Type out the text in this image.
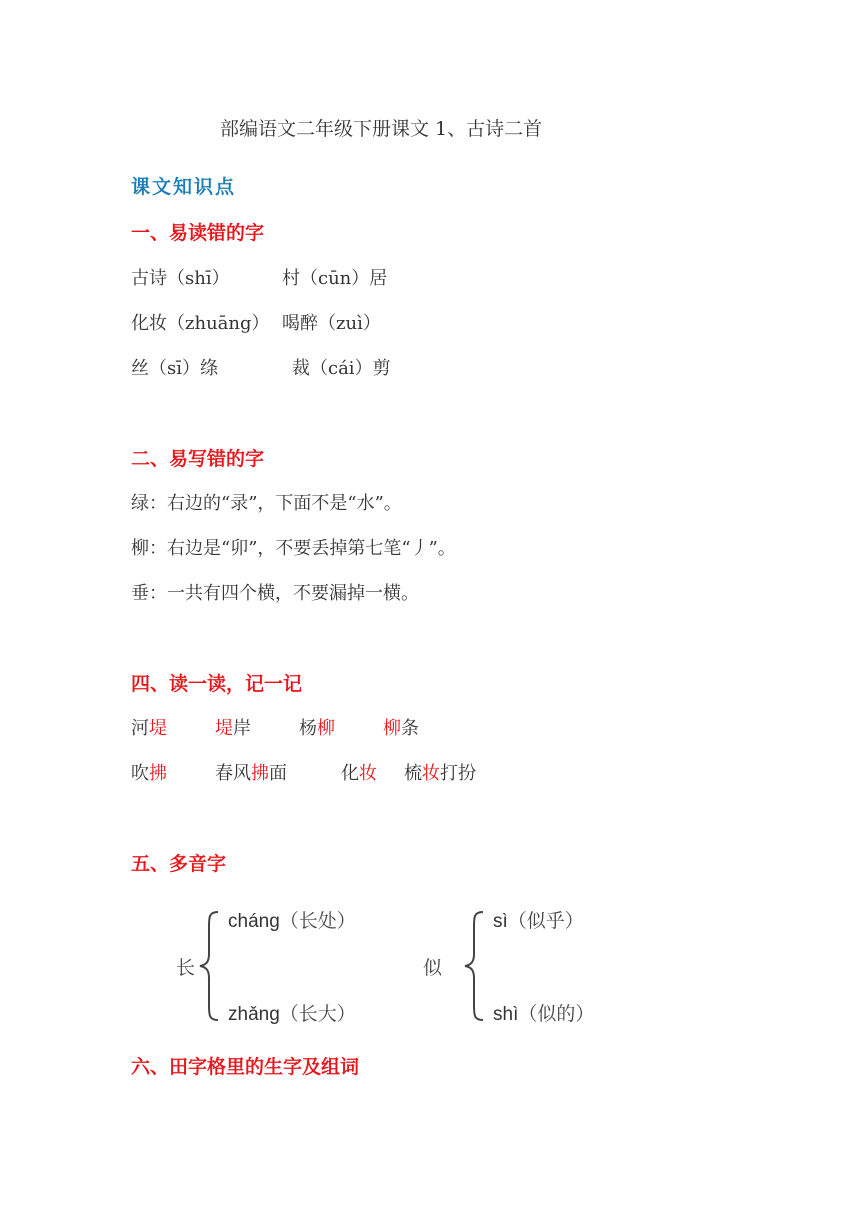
部编语文二年级下册课文 1、古诗二首
课文知识点
一、易读错的字
古诗（shī）	村（cūn）居
化妆（zhuāng） 喝醉（zuì）
丝（sī）绦	裁（cái）剪
二、易写错的字
绿：右边的“录”，下面不是“水”。
柳：右边是“卯”，不要丢掉第七笔“丿”。
垂：一共有四个横，不要漏掉一横。
四、读一读，记一记
河堤	堤岸	杨柳	柳条
吹拂	春风拂面	化妆 梳妆打扮
五、多音字
长
cháng（长处）
zhǎng（长大）
似
sì（似乎）
shì（似的）
六、田字格里的生字及组词
